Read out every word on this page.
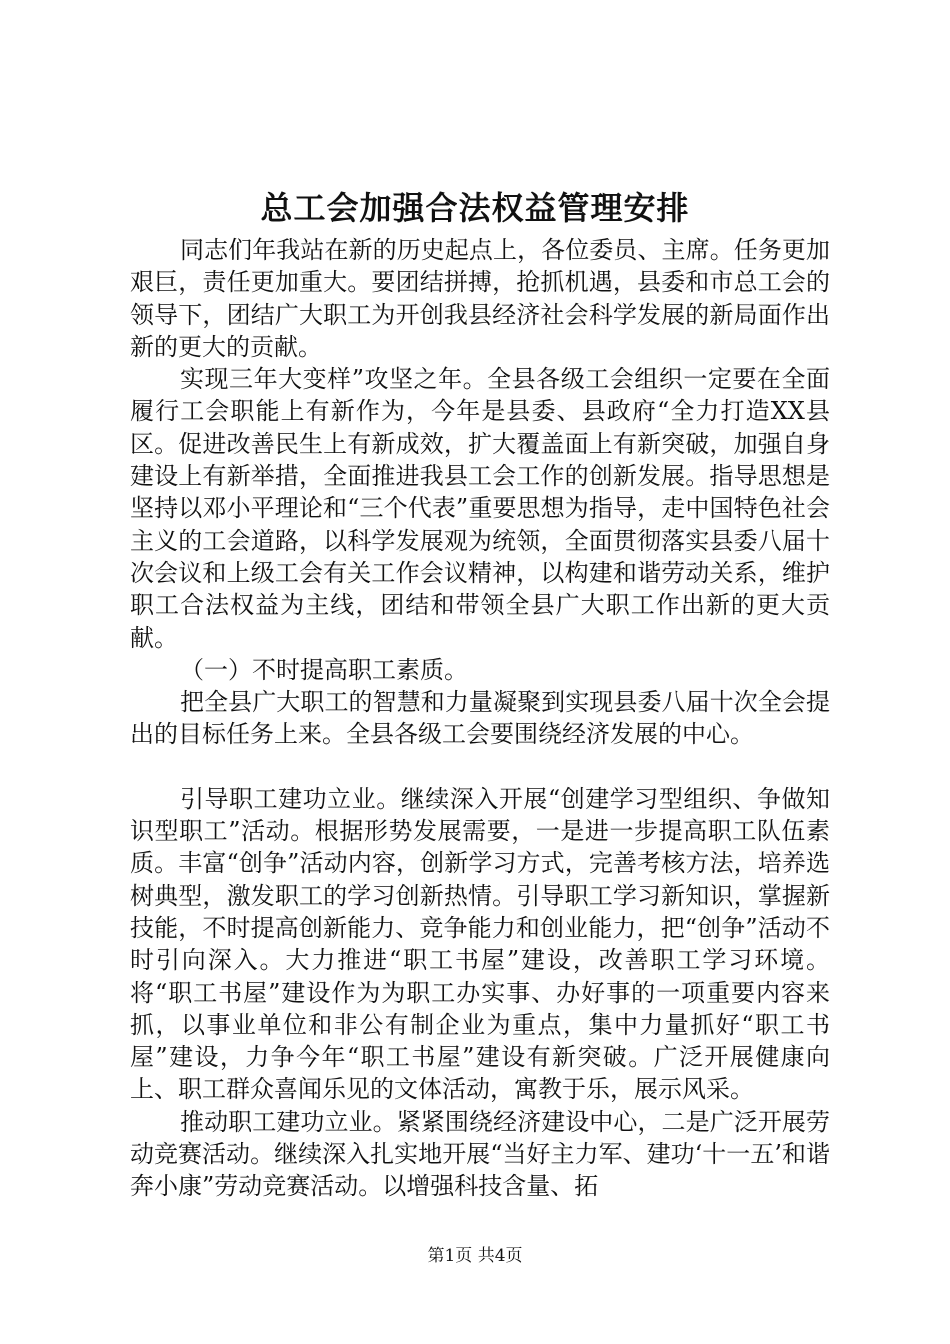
总工会加强合法权益管理安排

同志们年我站在新的历史起点上，各位委员、主席。任务更加艰巨，责任更加重大。要团结拼搏，抢抓机遇，县委和市总工会的领导下，团结广大职工为开创我县经济社会科学发展的新局面作出新的更大的贡献。

实现三年大变样”攻坚之年。全县各级工会组织一定要在全面履行工会职能上有新作为，今年是县委、县政府“全力打造XX县区。促进改善民生上有新成效，扩大覆盖面上有新突破，加强自身建设上有新举措，全面推进我县工会工作的创新发展。指导思想是坚持以邓小平理论和“三个代表”重要思想为指导，走中国特色社会主义的工会道路，以科学发展观为统领，全面贯彻落实县委八届十次会议和上级工会有关工作会议精神，以构建和谐劳动关系，维护职工合法权益为主线，团结和带领全县广大职工作出新的更大贡献。

（一）不时提高职工素质。

把全县广大职工的智慧和力量凝聚到实现县委八届十次全会提出的目标任务上来。全县各级工会要围绕经济发展的中心。

引导职工建功立业。继续深入开展“创建学习型组织、争做知识型职工”活动。根据形势发展需要，一是进一步提高职工队伍素质。丰富“创争”活动内容，创新学习方式，完善考核方法，培养选树典型，激发职工的学习创新热情。引导职工学习新知识，掌握新技能，不时提高创新能力、竞争能力和创业能力，把“创争”活动不时引向深入。大力推进“职工书屋”建设，改善职工学习环境。将“职工书屋”建设作为为职工办实事、办好事的一项重要内容来抓，以事业单位和非公有制企业为重点，集中力量抓好“职工书屋”建设，力争今年“职工书屋”建设有新突破。广泛开展健康向上、职工群众喜闻乐见的文体活动，寓教于乐，展示风采。

推动职工建功立业。紧紧围绕经济建设中心，二是广泛开展劳动竞赛活动。继续深入扎实地开展“当好主力军、建功‘十一五’和谐奔小康”劳动竞赛活动。以增强科技含量、拓

第1页 共4页
